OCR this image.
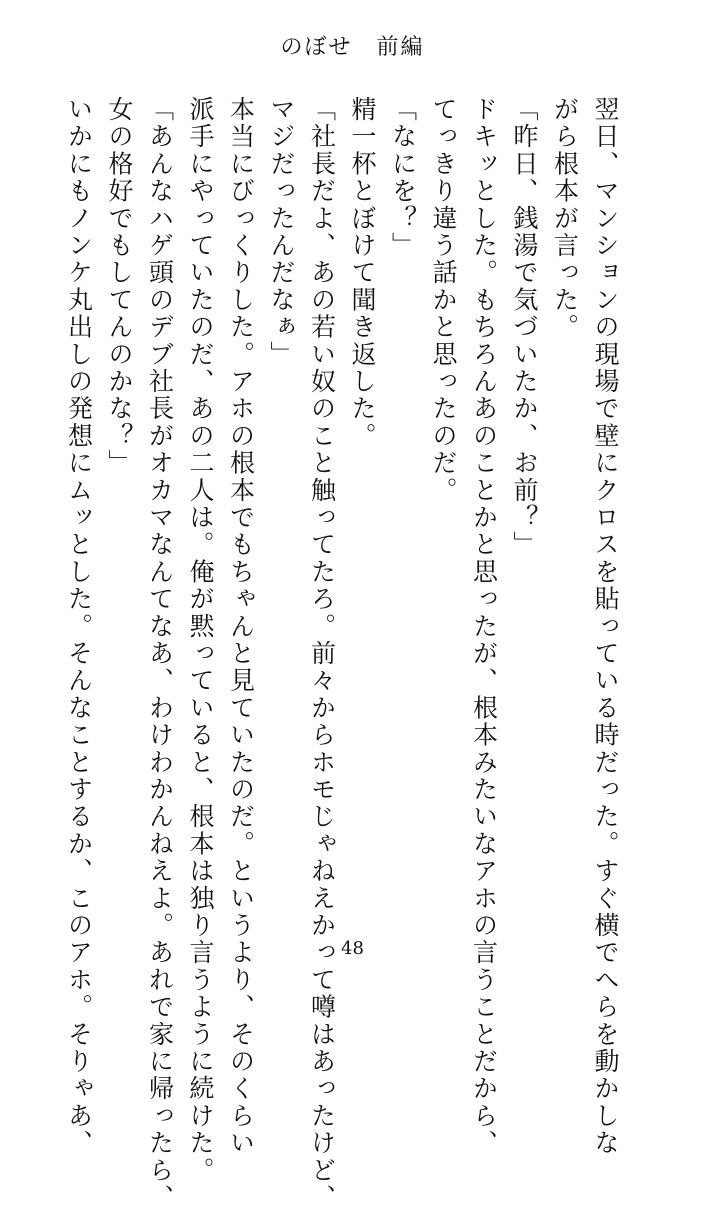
のぼせ　前編
翌日、マンションの現場で壁にクロスを貼っている時だった。すぐ横でへらを動かしな
がら根本が言った。
「昨日、銭湯で気づいたか、お前？」
ドキッとした。もちろんあのことかと思ったが、根本みたいなアホの言うことだから、
てっきり違う話かと思ったのだ。
「なにを？」
精一杯とぼけて聞き返した。
「社長だよ、あの若い奴のこと触ってたろ。前々からホモじゃねえかって噂はあったけど、
マジだったんだなぁ」
本当にびっくりした。アホの根本でもちゃんと見ていたのだ。というより、そのくらい
派手にやっていたのだ、あの二人は。俺が黙っていると、根本は独り言うように続けた。
「あんなハゲ頭のデブ社長がオカマなんてなあ、わけわかんねえよ。あれで家に帰ったら、
女の格好でもしてんのかな？」
いかにもノンケ丸出しの発想にムッとした。そんなことするか、このアホ。そりゃあ、	48
